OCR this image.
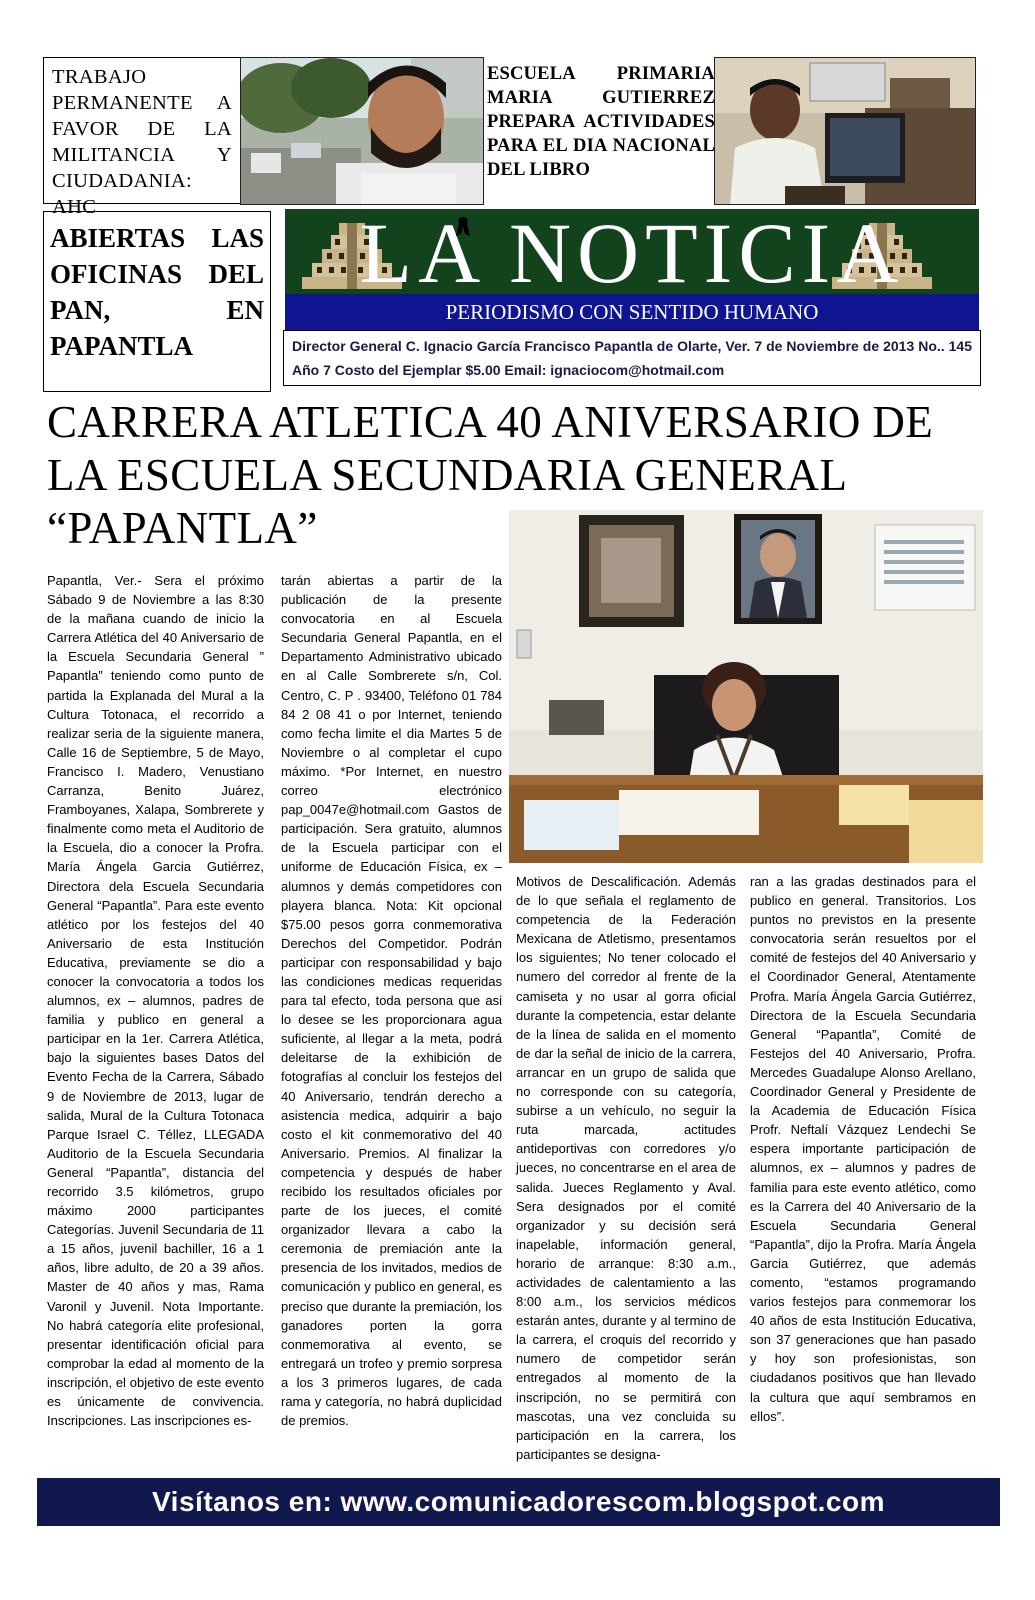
TRABAJO PERMANENTE A FAVOR DE LA MILITANCIA Y CIUDADANIA: AHC
ESCUELA PRIMARIA MARIA GUTIERREZ PREPARA ACTIVIDADES PARA EL DIA NACIONAL DEL LIBRO
ABIERTAS LAS OFICINAS DEL PAN, EN PAPANTLA
LA NOTICIA
PERIODISMO CON SENTIDO HUMANO
Director General C. Ignacio García Francisco Papantla de Olarte, Ver. 7 de Noviembre de 2013 No.. 145 Año 7 Costo del Ejemplar $5.00 Email: ignaciocom@hotmail.com
CARRERA ATLETICA 40 ANIVERSARIO DE LA ESCUELA SECUNDARIA GENERAL “PAPANTLA”

Papantla, Ver.- Sera el próximo Sábado 9 de Noviembre a las 8:30 de la mañana cuando de inicio la Carrera Atlética del 40 Aniversario de la Escuela Secundaria General ” Papantla” teniendo como punto de partida la Explanada del Mural a la Cultura Totonaca, el recorrido a realizar seria de la siguiente manera, Calle 16 de Septiembre, 5 de Mayo, Francisco I. Madero, Venustiano Carranza, Benito Juárez, Framboyanes, Xalapa, Sombrerete y finalmente como meta el Auditorio de la Escuela, dio a conocer la Profra. María Ángela Garcia Gutiérrez, Directora dela Escuela Secundaria General “Papantla”. Para este evento atlético por los festejos del 40 Aniversario de esta Institución Educativa, previamente se dio a conocer la convocatoria a todos los alumnos, ex – alumnos, padres de familia y publico en general a participar en la 1er. Carrera Atlética, bajo la siguientes bases Datos del Evento Fecha de la Carrera, Sábado 9 de Noviembre de 2013, lugar de salida, Mural de la Cultura Totonaca Parque Israel C. Téllez, LLEGADA Auditorio de la Escuela Secundaria General “Papantla”, distancia del recorrido 3.5 kilómetros, grupo máximo 2000 participantes Categorías. Juvenil Secundaria de 11 a 15 años, juvenil bachiller, 16 a 1 años, libre adulto, de 20 a 39 años. Master de 40 años y mas, Rama Varonil y Juvenil. Nota Importante. No habrá categoría elite profesional, presentar identificación oficial para comprobar la edad al momento de la inscripción, el objetivo de este evento es únicamente de convivencia. Inscripciones. Las inscripciones es-

tarán abiertas a partir de la publicación de la presente convocatoria en al Escuela Secundaria General Papantla, en el Departamento Administrativo ubicado en al Calle Sombrerete s/n, Col. Centro, C. P . 93400, Teléfono 01 784 84 2 08 41 o por Internet, teniendo como fecha limite el dia Martes 5 de Noviembre o al completar el cupo máximo. *Por Internet, en nuestro correo electrónico pap_0047e@hotmail.com Gastos de participación. Sera gratuito, alumnos de la Escuela participar con el uniforme de Educación Física, ex – alumnos y demás competidores con playera blanca. Nota: Kit opcional $75.00 pesos gorra conmemorativa Derechos del Competidor. Podrán participar con responsabilidad y bajo las condiciones medicas requeridas para tal efecto, toda persona que asi lo desee se les proporcionara agua suficiente, al llegar a la meta, podrá deleitarse de la exhibición de fotografías al concluir los festejos del 40 Aniversario, tendrán derecho a asistencia medica, adquirir a bajo costo el kit conmemorativo del 40 Aniversario. Premios. Al finalizar la competencia y después de haber recibido los resultados oficiales por parte de los jueces, el comité organizador llevara a cabo la ceremonia de premiación ante la presencia de los invitados, medios de comunicación y publico en general, es preciso que durante la premiación, los ganadores porten la gorra conmemorativa al evento, se entregará un trofeo y premio sorpresa a los 3 primeros lugares, de cada rama y categoría, no habrá duplicidad de premios.

Motivos de Descalificación. Además de lo que señala el reglamento de competencia de la Federación Mexicana de Atletismo, presentamos los siguientes; No tener colocado el numero del corredor al frente de la camiseta y no usar al gorra oficial durante la competencia, estar delante de la línea de salida en el momento de dar la señal de inicio de la carrera, arrancar en un grupo de salida que no corresponde con su categoría, subirse a un vehículo, no seguir la ruta marcada, actitudes antideportivas con corredores y/o jueces, no concentrarse en el area de salida. Jueces Reglamento y Aval. Sera designados por el comité organizador y su decisión será inapelable, información general, horario de arranque: 8:30 a.m., actividades de calentamiento a las 8:00 a.m., los servicios médicos estarán antes, durante y al termino de la carrera, el croquis del recorrido y numero de competidor serán entregados al momento de la inscripción, no se permitirá con mascotas, una vez concluida su participación en la carrera, los participantes se designa-

ran a las gradas destinados para el publico en general. Transitorios. Los puntos no previstos en la presente convocatoria serán resueltos por el comité de festejos del 40 Aniversario y el Coordinador General, Atentamente Profra. María Ángela Garcia Gutiérrez, Directora de la Escuela Secundaria General “Papantla”, Comité de Festejos del 40 Aniversario, Profra. Mercedes Guadalupe Alonso Arellano, Coordinador General y Presidente de la Academia de Educación Física Profr. Neftalí Vázquez Lendechi Se espera importante participación de alumnos, ex – alumnos y padres de familia para este evento atlético, como es la Carrera del 40 Aniversario de la Escuela Secundaria General “Papantla”, dijo la Profra. María Ángela Garcia Gutiérrez, que además comento, “estamos programando varios festejos para conmemorar los 40 años de esta Institución Educativa, son 37 generaciones que han pasado y hoy son profesionistas, son ciudadanos positivos que han llevado la cultura que aquí sembramos en ellos”.

Visítanos en: www.comunicadorescom.blogspot.com
